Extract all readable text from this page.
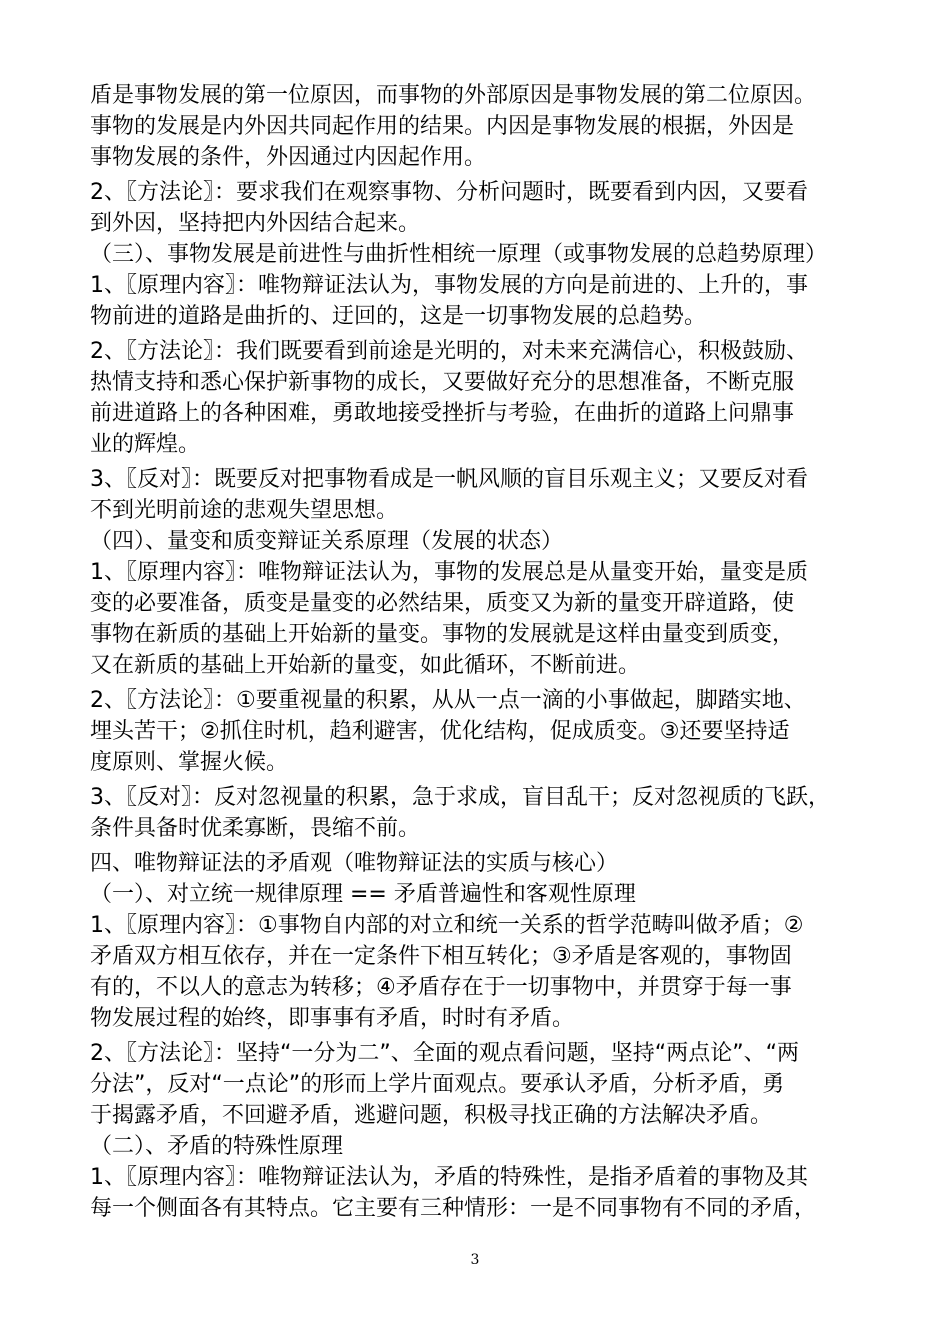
盾是事物发展的第一位原因，而事物的外部原因是事物发展的第二位原因。
事物的发展是内外因共同起作用的结果。内因是事物发展的根据，外因是
事物发展的条件，外因通过内因起作用。
2、〖方法论〗：要求我们在观察事物、分析问题时，既要看到内因，又要看
到外因，坚持把内外因结合起来。
（三）、事物发展是前进性与曲折性相统一原理（或事物发展的总趋势原理）
1、〖原理内容〗：唯物辩证法认为，事物发展的方向是前进的、上升的，事
物前进的道路是曲折的、迂回的，这是一切事物发展的总趋势。
2、〖方法论〗：我们既要看到前途是光明的，对未来充满信心，积极鼓励、
热情支持和悉心保护新事物的成长，又要做好充分的思想准备，不断克服
前进道路上的各种困难，勇敢地接受挫折与考验，在曲折的道路上问鼎事
业的辉煌。
3、〖反对〗：既要反对把事物看成是一帆风顺的盲目乐观主义；又要反对看
不到光明前途的悲观失望思想。
（四）、量变和质变辩证关系原理（发展的状态）
1、〖原理内容〗：唯物辩证法认为，事物的发展总是从量变开始，量变是质
变的必要准备，质变是量变的必然结果，质变又为新的量变开辟道路，使
事物在新质的基础上开始新的量变。事物的发展就是这样由量变到质变，
又在新质的基础上开始新的量变，如此循环，不断前进。
2、〖方法论〗：①要重视量的积累，从从一点一滴的小事做起，脚踏实地、
埋头苦干；②抓住时机，趋利避害，优化结构，促成质变。③还要坚持适
度原则、掌握火候。
3、〖反对〗：反对忽视量的积累，急于求成，盲目乱干；反对忽视质的飞跃，
条件具备时优柔寡断，畏缩不前。
四、唯物辩证法的矛盾观（唯物辩证法的实质与核心）
（一）、对立统一规律原理 == 矛盾普遍性和客观性原理
1、〖原理内容〗：①事物自内部的对立和统一关系的哲学范畴叫做矛盾；②
矛盾双方相互依存，并在一定条件下相互转化；③矛盾是客观的，事物固
有的，不以人的意志为转移；④矛盾存在于一切事物中，并贯穿于每一事
物发展过程的始终，即事事有矛盾，时时有矛盾。
2、〖方法论〗：坚持“一分为二”、全面的观点看问题，坚持“两点论”、“两
分法”，反对“一点论”的形而上学片面观点。要承认矛盾，分析矛盾，勇
于揭露矛盾，不回避矛盾，逃避问题，积极寻找正确的方法解决矛盾。
（二）、矛盾的特殊性原理
1、〖原理内容〗：唯物辩证法认为，矛盾的特殊性，是指矛盾着的事物及其
每一个侧面各有其特点。它主要有三种情形：一是不同事物有不同的矛盾，
3
